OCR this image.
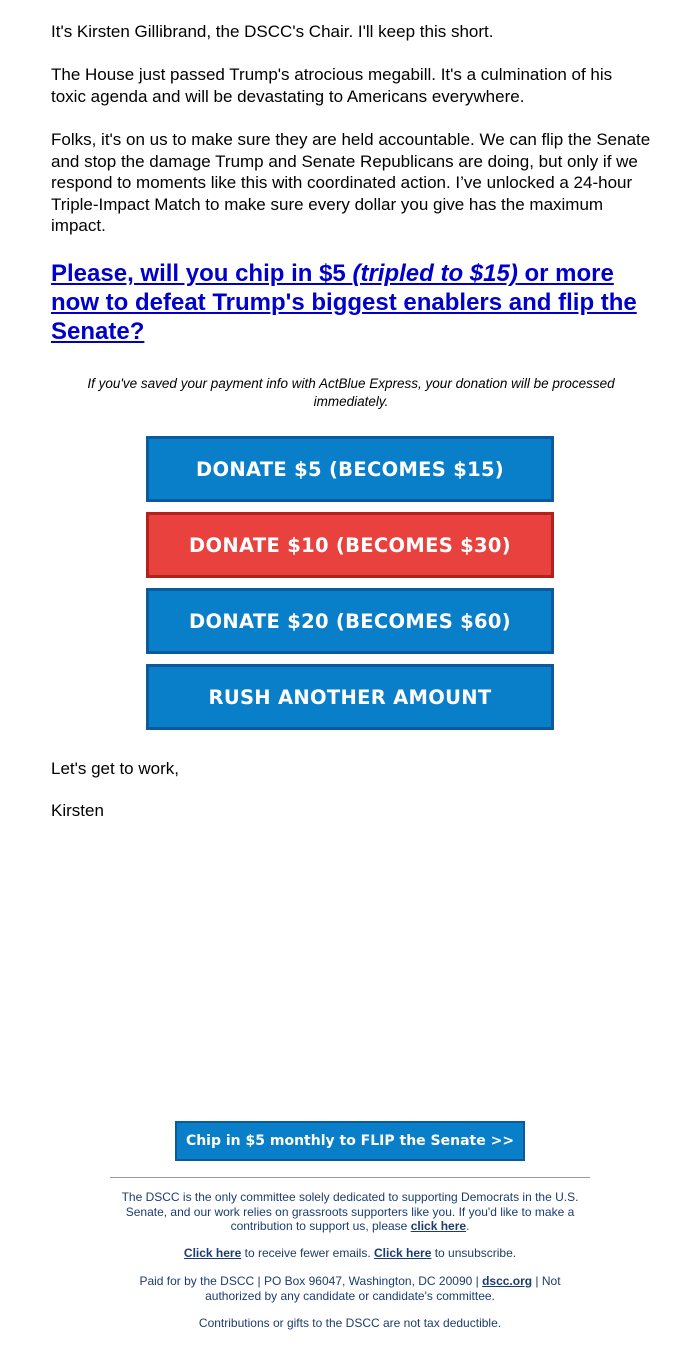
It's Kirsten Gillibrand, the DSCC's Chair. I'll keep this short.

The House just passed Trump's atrocious megabill. It's a culmination of his toxic agenda and will be devastating to Americans everywhere.

Folks, it's on us to make sure they are held accountable. We can flip the Senate and stop the damage Trump and Senate Republicans are doing, but only if we respond to moments like this with coordinated action. I’ve unlocked a 24-hour Triple-Impact Match to make sure every dollar you give has the maximum impact.

Please, will you chip in $5 (tripled to $15) or more now to defeat Trump's biggest enablers and flip the Senate?
If you've saved your payment info with ActBlue Express, your donation will be processed immediately.
DONATE $5 (BECOMES $15)
DONATE $10 (BECOMES $30)
DONATE $20 (BECOMES $60)
RUSH ANOTHER AMOUNT

Let's get to work,

Kirsten

Chip in $5 monthly to FLIP the Senate >>
The DSCC is the only committee solely dedicated to supporting Democrats in the U.S. Senate, and our work relies on grassroots supporters like you. If you'd like to make a contribution to support us, please click here.
Click here to receive fewer emails. Click here to unsubscribe.
Paid for by the DSCC | PO Box 96047, Washington, DC 20090 | dscc.org | Not authorized by any candidate or candidate's committee.
Contributions or gifts to the DSCC are not tax deductible.
